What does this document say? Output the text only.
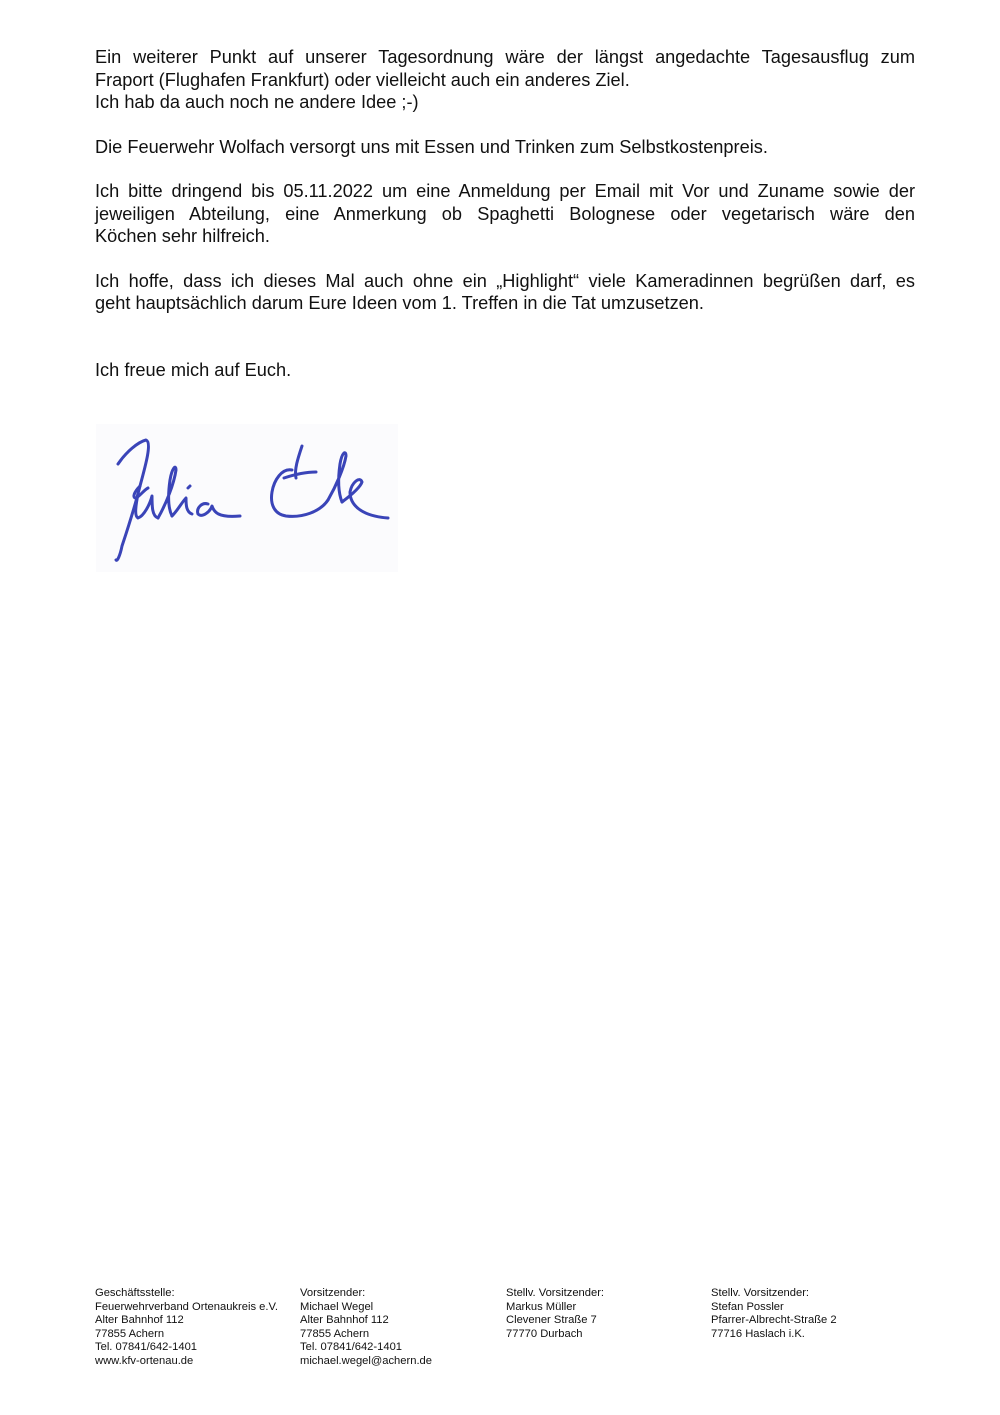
Ein weiterer Punkt auf unserer Tagesordnung wäre der längst angedachte Tagesausflug zum
Fraport (Flughafen Frankfurt) oder vielleicht auch ein anderes Ziel.
Ich hab da auch noch ne andere Idee ;-)

Die Feuerwehr Wolfach versorgt uns mit Essen und Trinken zum Selbstkostenpreis.

Ich bitte dringend bis 05.11.2022 um eine Anmeldung per Email mit Vor und Zuname sowie der
jeweiligen Abteilung, eine Anmerkung ob Spaghetti Bolognese oder vegetarisch wäre den
Köchen sehr hilfreich.

Ich hoffe, dass ich dieses Mal auch ohne ein „Highlight“ viele Kameradinnen begrüßen darf, es
geht hauptsächlich darum Eure Ideen vom 1. Treffen in die Tat umzusetzen.

Ich freue mich auf Euch.

Geschäftsstelle:
Feuerwehrverband Ortenaukreis e.V.
Alter Bahnhof 112
77855 Achern
Tel. 07841/642-1401
www.kfv-ortenau.de
Vorsitzender:
Michael Wegel
Alter Bahnhof 112
77855 Achern
Tel. 07841/642-1401
michael.wegel@achern.de
Stellv. Vorsitzender:
Markus Müller
Clevener Straße 7
77770 Durbach
Stellv. Vorsitzender:
Stefan Possler
Pfarrer-Albrecht-Straße 2
77716 Haslach i.K.
